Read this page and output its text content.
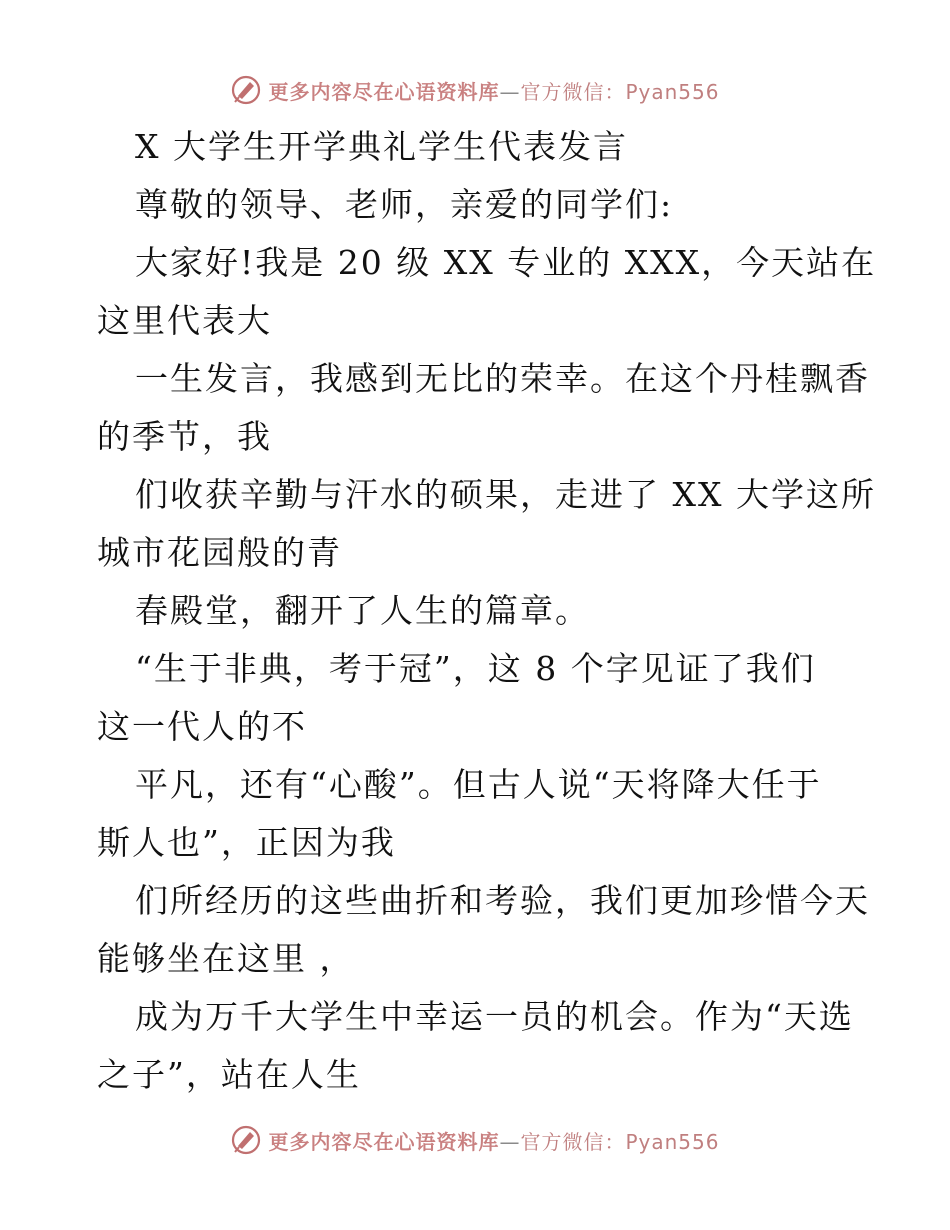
更多内容尽在心语资料库—官方微信：Pyan556
X 大学生开学典礼学生代表发言
尊敬的领导、老师，亲爱的同学们:
大家好!我是 20 级 XX 专业的 XXX，今天站在
这里代表大
一生发言，我感到无比的荣幸。在这个丹桂飘香
的季节，我
们收获辛勤与汗水的硕果，走进了 XX 大学这所
城市花园般的青
春殿堂，翻开了人生的篇章。
“生于非典，考于冠”，这 8 个字见证了我们
这一代人的不
平凡，还有“心酸”。但古人说“天将降大任于
斯人也”，正因为我
们所经历的这些曲折和考验，我们更加珍惜今天
能够坐在这里 ，
成为万千大学生中幸运一员的机会。作为“天选
之子”，站在人生
更多内容尽在心语资料库—官方微信：Pyan556
